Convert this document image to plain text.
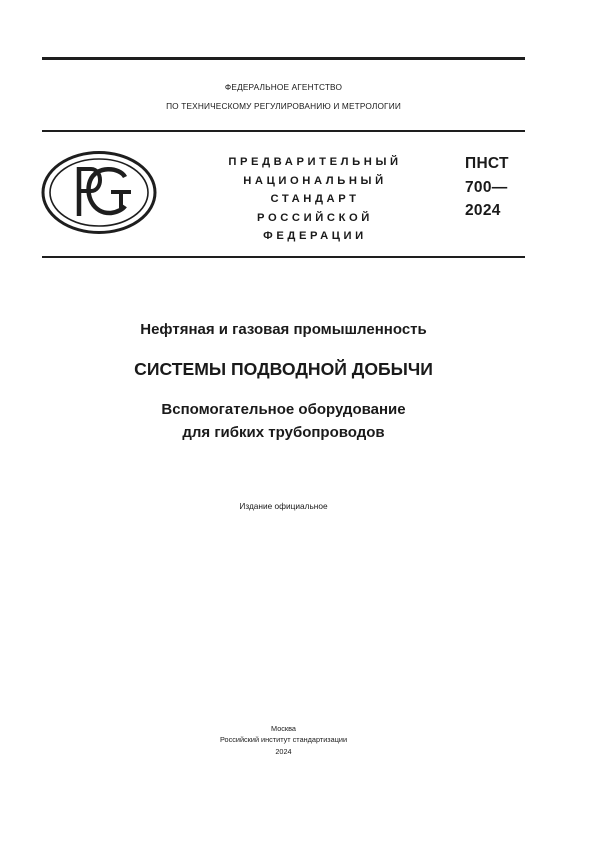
ФЕДЕРАЛЬНОЕ АГЕНТСТВО
ПО ТЕХНИЧЕСКОМУ РЕГУЛИРОВАНИЮ И МЕТРОЛОГИИ
ПРЕДВАРИТЕЛЬНЫЙ
НАЦИОНАЛЬНЫЙ
СТАНДАРТ
РОССИЙСКОЙ
ФЕДЕРАЦИИ
ПНСТ
700—
2024
Нефтяная и газовая промышленность
СИСТЕМЫ ПОДВОДНОЙ ДОБЫЧИ
Вспомогательное оборудование
для гибких трубопроводов
Издание официальное
Москва
Российский институт стандартизации
2024
